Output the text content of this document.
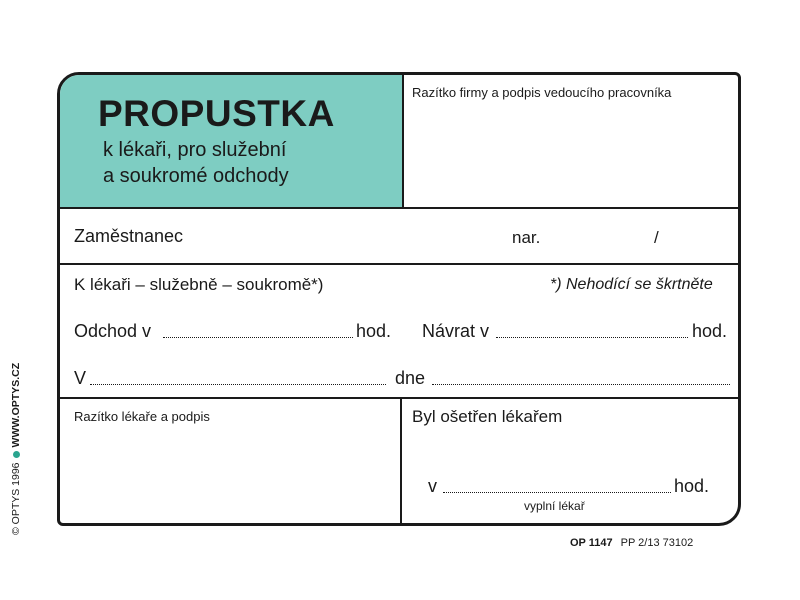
PROPUSTKA
k lékaři, pro služební
a soukromé odchody
Razítko firmy a podpis vedoucího pracovníka
Zaměstnanec	nar.	/
K lékaři – služebně – soukromě*)	*) Nehodící se škrtněte
Odchod v	hod. Návrat v	hod.
V	dne
Razítko lékaře a podpis	Byl ošetřen lékařem
v	hod.
vyplní lékař
© OPTYS 1996WWW.OPTYS.CZ
OP 1147 PP 2/13 73102
